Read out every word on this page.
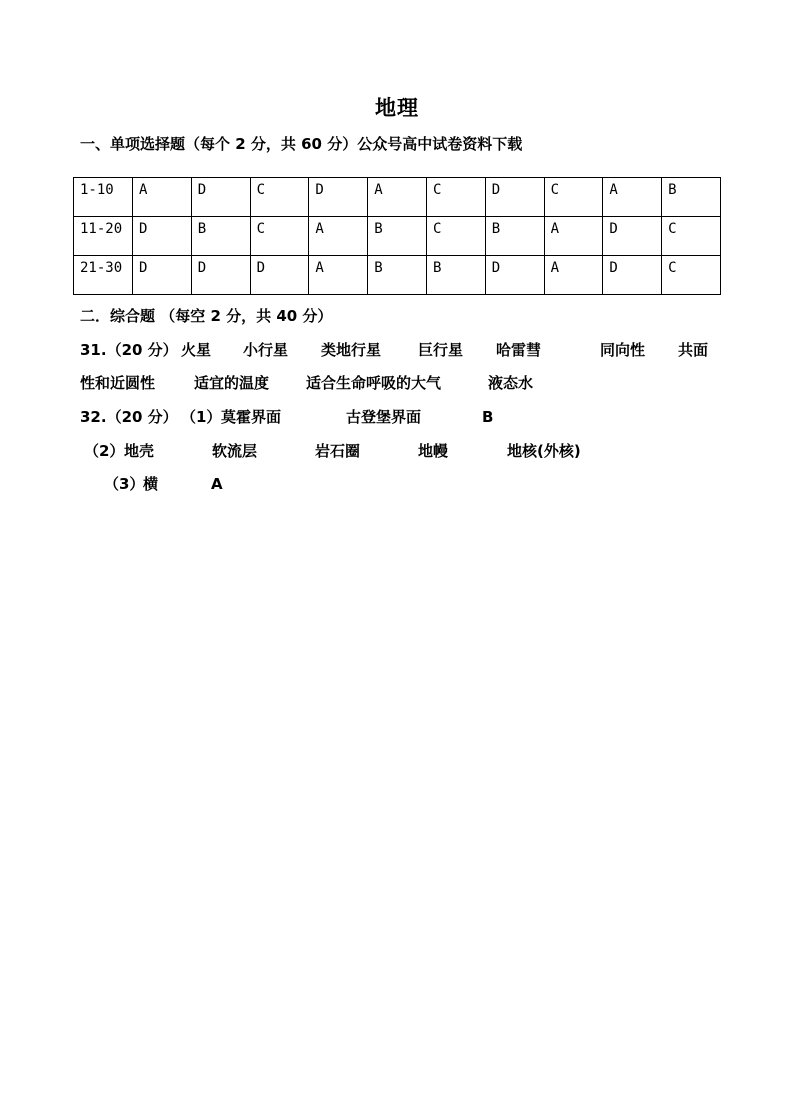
地理
一、单项选择题（每个 2 分，共 60 分）公众号高中试卷资料下载
1-10	A	D	C	D	A	C	D	C	A	B
11-20	D	B	C	A	B	C	B	A	D	C
21-30	D	D	D	A	B	B	D	A	D	C
二．综合题 （每空 2 分，共 40 分）
31.（20 分） 火星 小行星 类地行星 巨行星 哈雷彗	同向性 共面
性和近圆性	适宜的温度 适合生命呼吸的大气	液态水
32.（20 分） （1） 莫霍界面	古登堡界面	B
（2） 地壳	软流层	岩石圈	地幔	地核(外核)
（3）
横	A
